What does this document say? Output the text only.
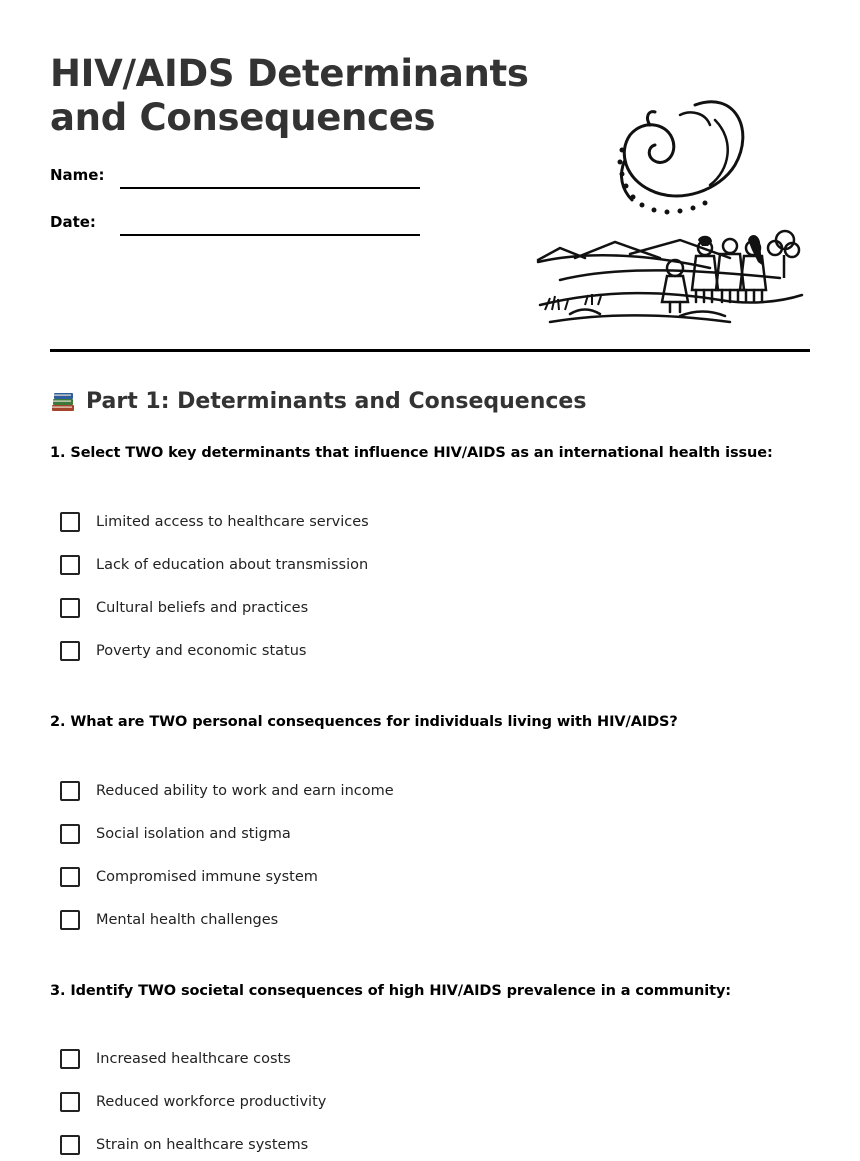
HIV/AIDS Determinants
and Consequences
Name:
Date:
Part 1: Determinants and Consequences

1. Select TWO key determinants that influence HIV/AIDS as an international health issue:

Limited access to healthcare services
Lack of education about transmission
Cultural beliefs and practices
Poverty and economic status

2. What are TWO personal consequences for individuals living with HIV/AIDS?

Reduced ability to work and earn income
Social isolation and stigma
Compromised immune system
Mental health challenges

3. Identify TWO societal consequences of high HIV/AIDS prevalence in a community:

Increased healthcare costs
Reduced workforce productivity
Strain on healthcare systems
